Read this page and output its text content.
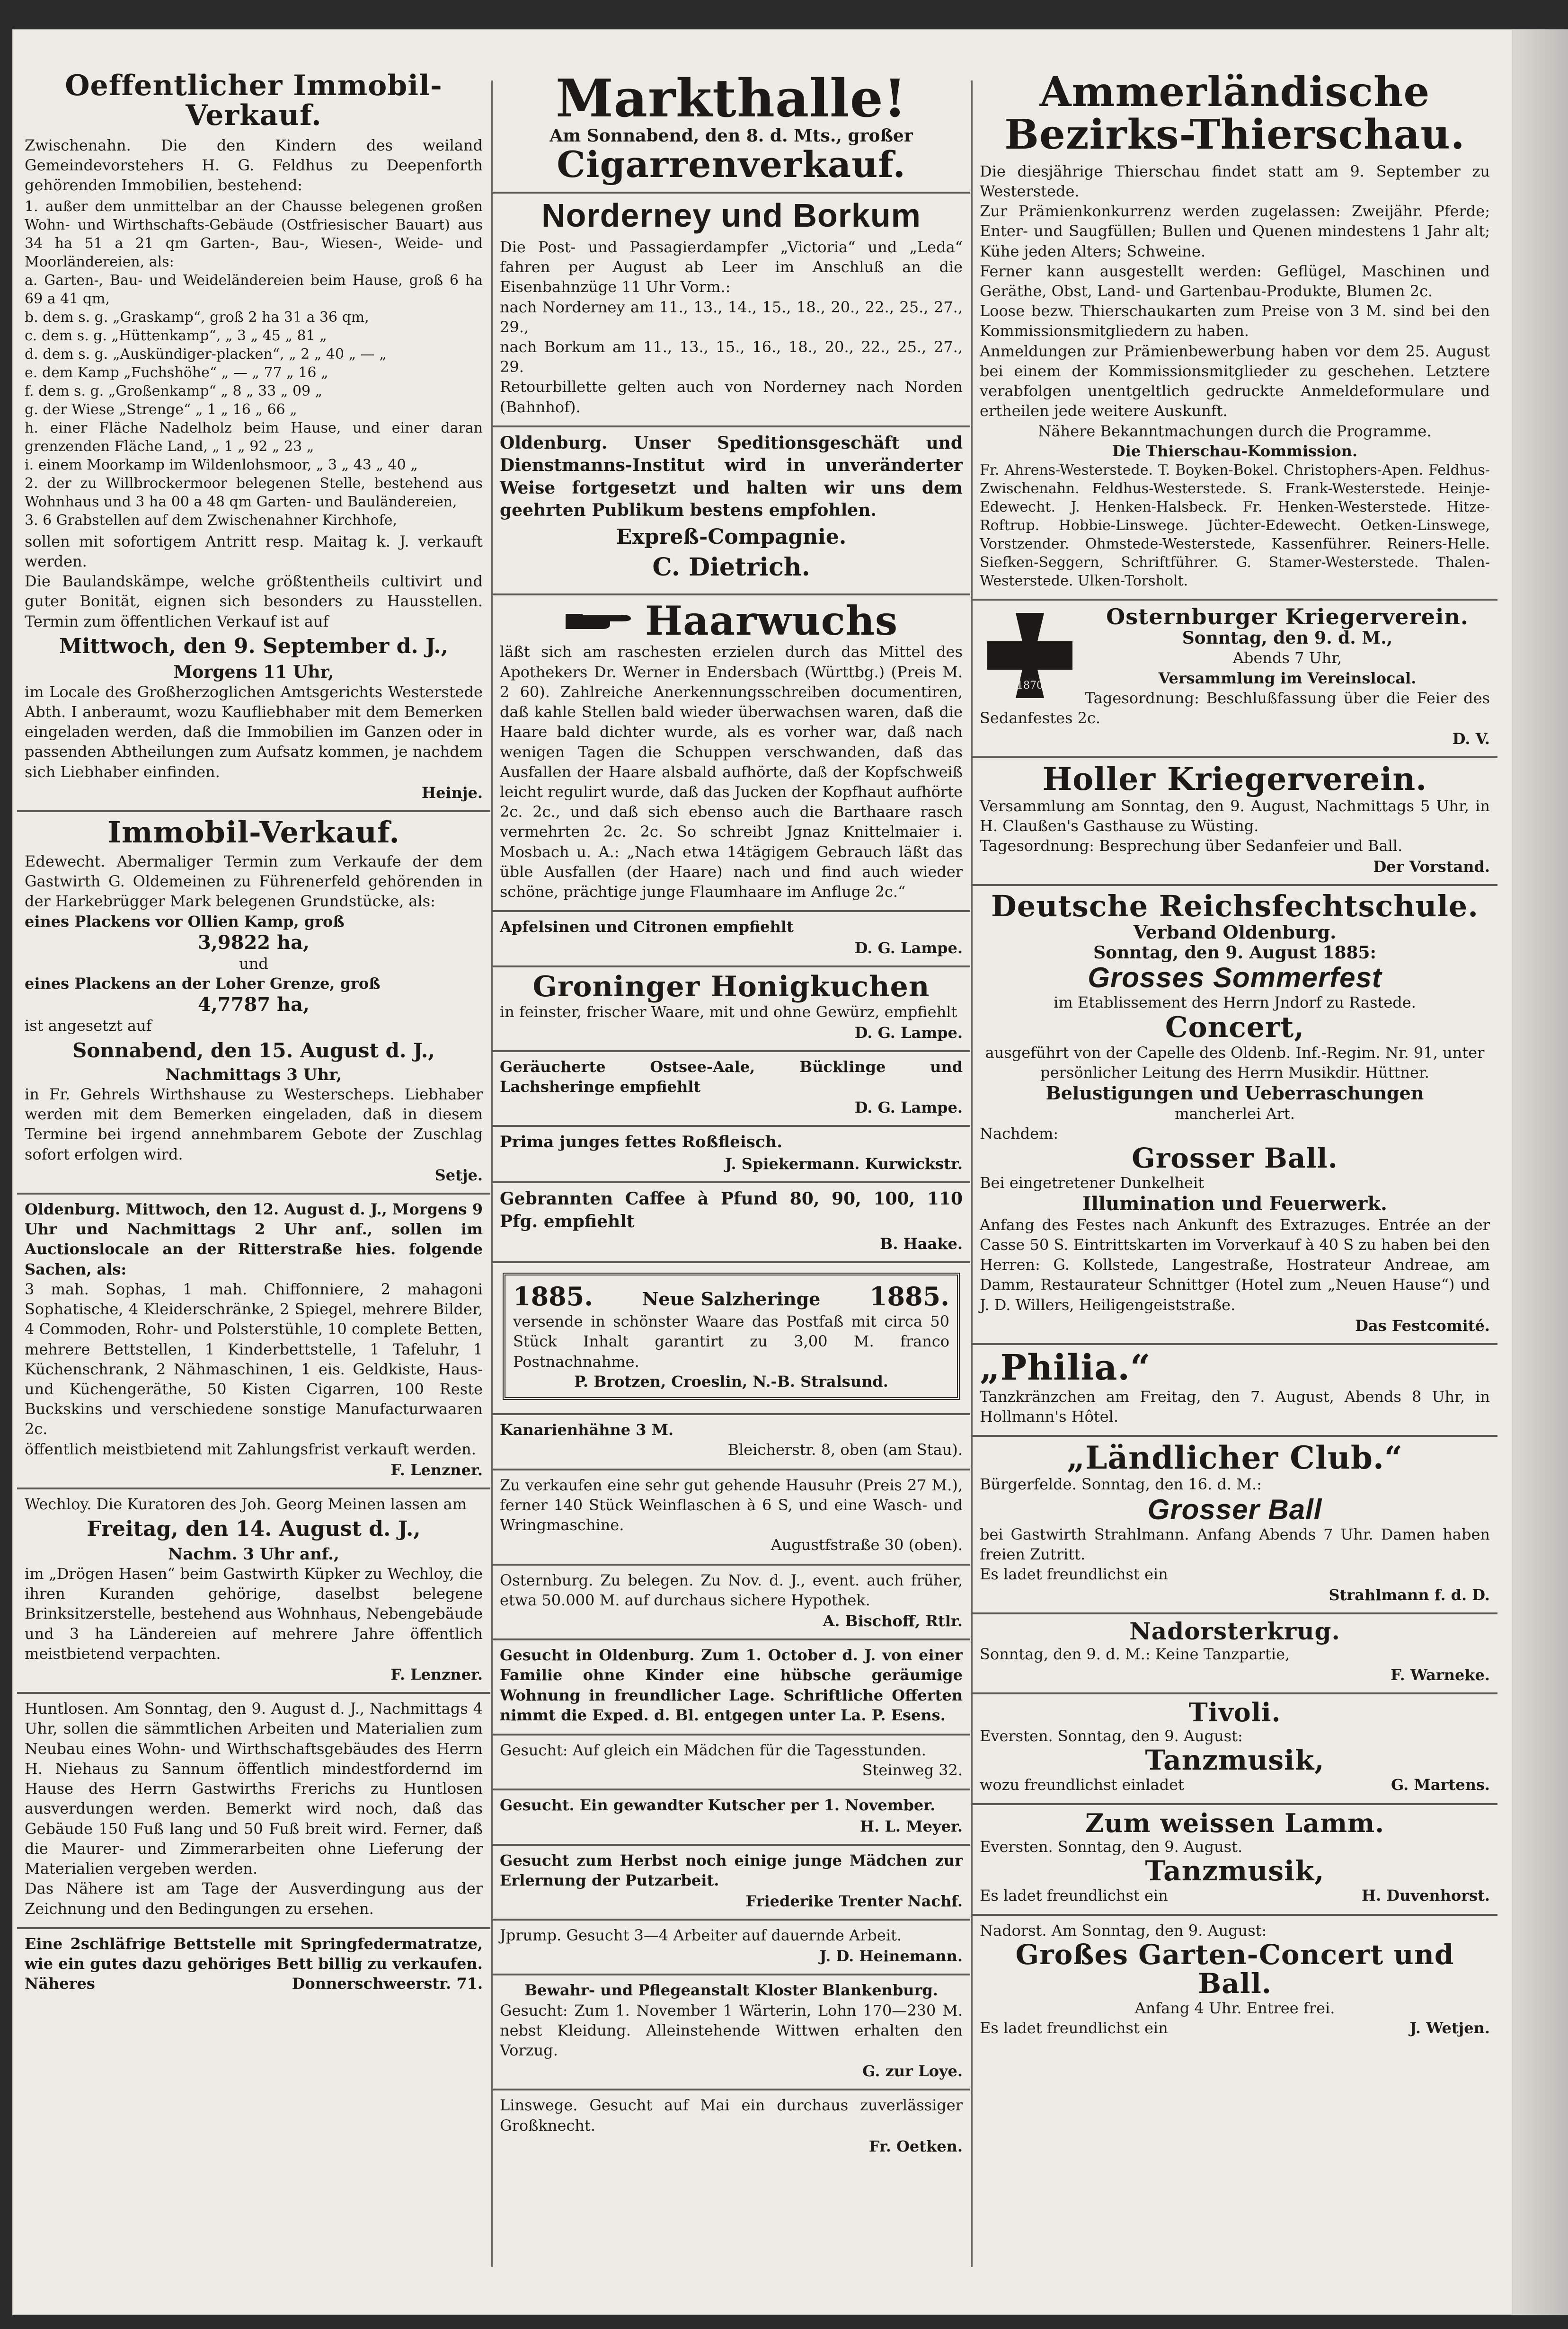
Oeffentlicher Immobil-Verkauf.

Zwischenahn. Die den Kindern des weiland Gemeindevorstehers H. G. Feldhus zu Deepenforth gehörenden Immobilien, bestehend:

1. außer dem unmittelbar an der Chausse belegenen großen Wohn- und Wirthschafts-Gebäude (Ostfriesischer Bauart) aus 34 ha 51 a 21 qm Garten-, Bau-, Wiesen-, Weide- und Moorländereien, als:

a. Garten-, Bau- und Weideländereien beim Hause, groß 6 ha 69 a 41 qm,

b. dem s. g. „Graskamp“, groß 2 ha 31 a 36 qm,

c. dem s. g. „Hüttenkamp“, „ 3 „ 45 „ 81 „

d. dem s. g. „Auskündiger-placken“, „ 2 „ 40 „ — „

e. dem Kamp „Fuchshöhe“ „ — „ 77 „ 16 „

f. dem s. g. „Großenkamp“ „ 8 „ 33 „ 09 „

g. der Wiese „Strenge“ „ 1 „ 16 „ 66 „

h. einer Fläche Nadelholz beim Hause, und einer daran grenzenden Fläche Land, „ 1 „ 92 „ 23 „

i. einem Moorkamp im Wildenlohsmoor, „ 3 „ 43 „ 40 „

2. der zu Willbrockermoor belegenen Stelle, bestehend aus Wohnhaus und 3 ha 00 a 48 qm Garten- und Bauländereien,

3. 6 Grabstellen auf dem Zwischenahner Kirchhofe,

sollen mit sofortigem Antritt resp. Maitag k. J. verkauft werden.

Die Baulandskämpe, welche größtentheils cultivirt und guter Bonität, eignen sich besonders zu Hausstellen. Termin zum öffentlichen Verkauf ist auf

Mittwoch, den 9. September d. J.,

Morgens 11 Uhr,

im Locale des Großherzoglichen Amtsgerichts Westerstede Abth. I anberaumt, wozu Kaufliebhaber mit dem Bemerken eingeladen werden, daß die Immobilien im Ganzen oder in passenden Abtheilungen zum Aufsatz kommen, je nachdem sich Liebhaber einfinden.

Heinje.

Immobil-Verkauf.

Edewecht. Abermaliger Termin zum Verkaufe der dem Gastwirth G. Oldemeinen zu Führenerfeld gehörenden in der Harkebrügger Mark belegenen Grundstücke, als:

eines Plackens vor Ollien Kamp, groß

3,9822 ha,

und

eines Plackens an der Loher Grenze, groß

4,7787 ha,

ist angesetzt auf

Sonnabend, den 15. August d. J.,

Nachmittags 3 Uhr,

in Fr. Gehrels Wirthshause zu Westerscheps. Liebhaber werden mit dem Bemerken eingeladen, daß in diesem Termine bei irgend annehmbarem Gebote der Zuschlag sofort erfolgen wird.

Setje.

Oldenburg. Mittwoch, den 12. August d. J., Morgens 9 Uhr und Nachmittags 2 Uhr anf., sollen im Auctionslocale an der Ritterstraße hies. folgende Sachen, als:

3 mah. Sophas, 1 mah. Chiffonniere, 2 mahagoni Sophatische, 4 Kleiderschränke, 2 Spiegel, mehrere Bilder, 4 Commoden, Rohr- und Polsterstühle, 10 complete Betten, mehrere Bettstellen, 1 Kinderbettstelle, 1 Tafeluhr, 1 Küchenschrank, 2 Nähmaschinen, 1 eis. Geldkiste, Haus- und Küchengeräthe, 50 Kisten Cigarren, 100 Reste Buckskins und verschiedene sonstige Manufacturwaaren 2c.

öffentlich meistbietend mit Zahlungsfrist verkauft werden.

F. Lenzner.

Wechloy. Die Kuratoren des Joh. Georg Meinen lassen am

Freitag, den 14. August d. J.,

Nachm. 3 Uhr anf.,

im „Drögen Hasen“ beim Gastwirth Küpker zu Wechloy, die ihren Kuranden gehörige, daselbst belegene Brinksitzerstelle, bestehend aus Wohnhaus, Nebengebäude und 3 ha Ländereien auf mehrere Jahre öffentlich meistbietend verpachten.

F. Lenzner.

Huntlosen. Am Sonntag, den 9. August d. J., Nachmittags 4 Uhr, sollen die sämmtlichen Arbeiten und Materialien zum Neubau eines Wohn- und Wirthschaftsgebäudes des Herrn H. Niehaus zu Sannum öffentlich mindestfordernd im Hause des Herrn Gastwirths Frerichs zu Huntlosen ausverdungen werden. Bemerkt wird noch, daß das Gebäude 150 Fuß lang und 50 Fuß breit wird. Ferner, daß die Maurer- und Zimmerarbeiten ohne Lieferung der Materialien vergeben werden.

Das Nähere ist am Tage der Ausverdingung aus der Zeichnung und den Bedingungen zu ersehen.

Eine 2schläfrige Bettstelle mit Springfedermatratze, wie ein gutes dazu gehöriges Bett billig zu verkaufen.

Näheres	Donnerschweerstr. 71.

Markthalle!

Am Sonnabend, den 8. d. Mts., großer

Cigarrenverkauf.

Norderney und Borkum

Die Post- und Passagierdampfer „Victoria“ und „Leda“ fahren per August ab Leer im Anschluß an die Eisenbahnzüge 11 Uhr Vorm.:

nach Norderney am 11., 13., 14., 15., 18., 20., 22., 25., 27., 29.,

nach Borkum am 11., 13., 15., 16., 18., 20., 22., 25., 27., 29.

Retourbillette gelten auch von Norderney nach Norden (Bahnhof).

Oldenburg. Unser Speditionsgeschäft und Dienstmanns-Institut wird in unveränderter Weise fortgesetzt und halten wir uns dem geehrten Publikum bestens empfohlen.

Expreß-Compagnie.

C. Dietrich.

Haarwuchs

läßt sich am raschesten erzielen durch das Mittel des Apothekers Dr. Werner in Endersbach (Württbg.) (Preis M. 2 60). Zahlreiche Anerkennungsschreiben documentiren, daß kahle Stellen bald wieder überwachsen waren, daß die Haare bald dichter wurde, als es vorher war, daß nach wenigen Tagen die Schuppen verschwanden, daß das Ausfallen der Haare alsbald aufhörte, daß der Kopfschweiß leicht regulirt wurde, daß das Jucken der Kopfhaut aufhörte 2c. 2c., und daß sich ebenso auch die Barthaare rasch vermehrten 2c. 2c. So schreibt Jgnaz Knittelmaier i. Mosbach u. A.: „Nach etwa 14tägigem Gebrauch läßt das üble Ausfallen (der Haare) nach und find auch wieder schöne, prächtige junge Flaumhaare im Anfluge 2c.“

Apfelsinen und Citronen empfiehlt

D. G. Lampe.

Groninger Honigkuchen

in feinster, frischer Waare, mit und ohne Gewürz, empfiehlt

D. G. Lampe.

Geräucherte Ostsee-Aale, Bücklinge und Lachsheringe empfiehlt

D. G. Lampe.

Prima junges fettes Roßfleisch.

J. Spiekermann. Kurwickstr.

Gebrannten Caffee à Pfund 80, 90, 100, 110 Pfg. empfiehlt

B. Haake.

1885.	Neue Salzheringe 1885.

versende in schönster Waare das Postfaß mit circa 50 Stück Inhalt garantirt zu 3,00 M. franco Postnachnahme.

P. Brotzen, Croeslin, N.-B. Stralsund.

Kanarienhähne 3 M.

Bleicherstr. 8, oben (am Stau).

Zu verkaufen eine sehr gut gehende Hausuhr (Preis 27 M.), ferner 140 Stück Weinflaschen à 6 S, und eine Wasch- und Wringmaschine.

Augustfstraße 30 (oben).

Osternburg. Zu belegen. Zu Nov. d. J., event. auch früher, etwa 50.000 M. auf durchaus sichere Hypothek.

A. Bischoff, Rtlr.

Gesucht in Oldenburg. Zum 1. October d. J. von einer Familie ohne Kinder eine hübsche geräumige Wohnung in freundlicher Lage. Schriftliche Offerten nimmt die Exped. d. Bl. entgegen unter La. P. Esens.

Gesucht: Auf gleich ein Mädchen für die Tagesstunden.

Steinweg 32.

Gesucht. Ein gewandter Kutscher per 1. November.

H. L. Meyer.

Gesucht zum Herbst noch einige junge Mädchen zur Erlernung der Putzarbeit.

Friederike Trenter Nachf.

Jprump. Gesucht 3—4 Arbeiter auf dauernde Arbeit.

J. D. Heinemann.

Bewahr- und Pflegeanstalt Kloster Blankenburg.

Gesucht: Zum 1. November 1 Wärterin, Lohn 170—230 M. nebst Kleidung. Alleinstehende Wittwen erhalten den Vorzug.

G. zur Loye.

Linswege. Gesucht auf Mai ein durchaus zuverlässiger Großknecht.

Fr. Oetken.

Ammerländische

Bezirks-Thierschau.

Die diesjährige Thierschau findet statt am 9. September zu Westerstede.

Zur Prämienkonkurrenz werden zugelassen: Zweijähr. Pferde; Enter- und Saugfüllen; Bullen und Quenen mindestens 1 Jahr alt; Kühe jeden Alters; Schweine.

Ferner kann ausgestellt werden: Geflügel, Maschinen und Geräthe, Obst, Land- und Gartenbau-Produkte, Blumen 2c.

Loose bezw. Thierschaukarten zum Preise von 3 M. sind bei den Kommissionsmitgliedern zu haben.

Anmeldungen zur Prämienbewerbung haben vor dem 25. August bei einem der Kommissionsmitglieder zu geschehen. Letztere verabfolgen unentgeltlich gedruckte Anmeldeformulare und ertheilen jede weitere Auskunft.

Nähere Bekanntmachungen durch die Programme.

Die Thierschau-Kommission.

Fr. Ahrens-Westerstede. T. Boyken-Bokel. Christophers-Apen. Feldhus-Zwischenahn. Feldhus-Westerstede. S. Frank-Westerstede. Heinje-Edewecht. J. Henken-Halsbeck. Fr. Henken-Westerstede. Hitze-Roftrup. Hobbie-Linswege. Jüchter-Edewecht. Oetken-Linswege, Vorstzender. Ohmstede-Westerstede, Kassenführer. Reiners-Helle. Siefken-Seggern, Schriftführer. G. Stamer-Westerstede. Thalen-Westerstede. Ulken-Torsholt.

1870

Osternburger Kriegerverein.

Sonntag, den 9. d. M.,

Abends 7 Uhr,

Versammlung im Vereinslocal.

Tagesordnung: Beschlußfassung über die Feier des Sedanfestes 2c.

D. V.

Holler Kriegerverein.

Versammlung am Sonntag, den 9. August, Nachmittags 5 Uhr, in H. Claußen's Gasthause zu Wüsting.

Tagesordnung: Besprechung über Sedanfeier und Ball.

Der Vorstand.

Deutsche Reichsfechtschule.

Verband Oldenburg.

Sonntag, den 9. August 1885:

Grosses Sommerfest

im Etablissement des Herrn Jndorf zu Rastede.

Concert,

ausgeführt von der Capelle des Oldenb. Inf.-Regim. Nr. 91, unter persönlicher Leitung des Herrn Musikdir. Hüttner.

Belustigungen und Ueberraschungen

mancherlei Art.

Nachdem:

Grosser Ball.

Bei eingetretener Dunkelheit

Illumination und Feuerwerk.

Anfang des Festes nach Ankunft des Extrazuges. Entrée an der Casse 50 S. Eintrittskarten im Vorverkauf à 40 S zu haben bei den Herren: G. Kollstede, Langestraße, Hostrateur Andreae, am Damm, Restaurateur Schnittger (Hotel zum „Neuen Hause“) und J. D. Willers, Heiligengeiststraße.

Das Festcomité.

„Philia.“

Tanzkränzchen am Freitag, den 7. August, Abends 8 Uhr, in Hollmann's Hôtel.

„Ländlicher Club.“

Bürgerfelde. Sonntag, den 16. d. M.:

Grosser Ball

bei Gastwirth Strahlmann. Anfang Abends 7 Uhr. Damen haben freien Zutritt.

Es ladet freundlichst ein

Strahlmann f. d. D.

Nadorsterkrug.

Sonntag, den 9. d. M.: Keine Tanzpartie,

F. Warneke.

Tivoli.

Eversten. Sonntag, den 9. August:

Tanzmusik,

wozu freundlichst einladet	G. Martens.

Zum weissen Lamm.

Eversten. Sonntag, den 9. August.

Tanzmusik,

Es ladet freundlichst ein	H. Duvenhorst.

Nadorst. Am Sonntag, den 9. August:

Großes Garten-Concert und Ball.

Anfang 4 Uhr. Entree frei.

Es ladet freundlichst ein	J. Wetjen.
